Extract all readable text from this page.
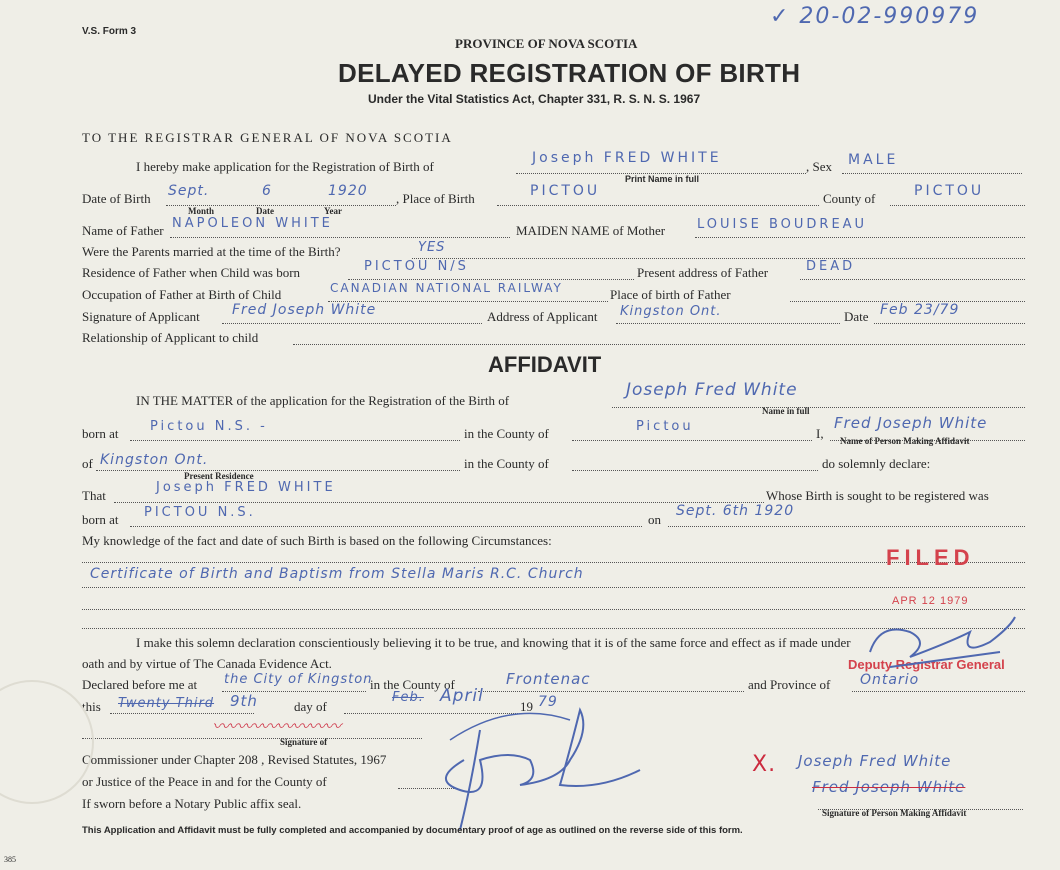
V.S. Form 3
✓ 20-02-990979
PROVINCE OF NOVA SCOTIA
DELAYED REGISTRATION OF BIRTH
Under the Vital Statistics Act, Chapter 331, R. S. N. S. 1967
TO THE REGISTRAR GENERAL OF NOVA SCOTIA
I hereby make application for the Registration of Birth of
Joseph FRED WHITE
Print Name in full
, Sex MALE
Date of Birth Sept.	6	1920
Month	Date	Year
, Place of Birth	PICTOU	County of	PICTOU
Name of Father NAPOLEON WHITE	MAIDEN NAME of Mother LOUISE BOUDREAU
Were the Parents married at the time of the Birth?	YES
Residence of Father when Child was born	PICTOU N/S	Present address of Father	DEAD
Occupation of Father at Birth of Child	CANADIAN NATIONAL RAILWAY	Place of birth of Father
Signature of Applicant Fred Joseph White	Address of Applicant Kingston Ont.	Date Feb 23/79
Relationship of Applicant to child
AFFIDAVIT
IN THE MATTER of the application for the Registration of the Birth of
Joseph Fred White
Name in full
born at Pictou N.S. -	in the County of	Pictou	I,
Fred Joseph White
Name of Person Making Affidavit
of Kingston Ont.
Present Residence
in the County of	do solemnly declare:
That
Joseph FRED WHITE
Whose Birth is sought to be registered was
born at PICTOU N.S.	on
Sept. 6th 1920
My knowledge of the fact and date of such Birth is based on the following Circumstances:
Certificate of Birth and Baptism from Stella Maris R.C. Church
I make this solemn declaration conscientiously believing it to be true, and knowing that it is of the same force and effect as if made under
oath and by virtue of The Canada Evidence Act.
Declared before me at the City of Kingston
in the County of	Frontenac	and Province of Ontario
this Twenty Third 9th	day of
Feb. April
19 79
〰〰〰〰〰〰〰〰
Signature of
Commissioner under Chapter 208 , Revised Statutes, 1967
or Justice of the Peace in and for the County of
If sworn before a Notary Public affix seal.
X. Joseph Fred White
Fred Joseph White
Signature of Person Making Affidavit
This Application and Affidavit must be fully completed and accompanied by documentary proof of age as outlined on the reverse side of this form.
385
FILED
APR 12 1979
Deputy Registrar General
